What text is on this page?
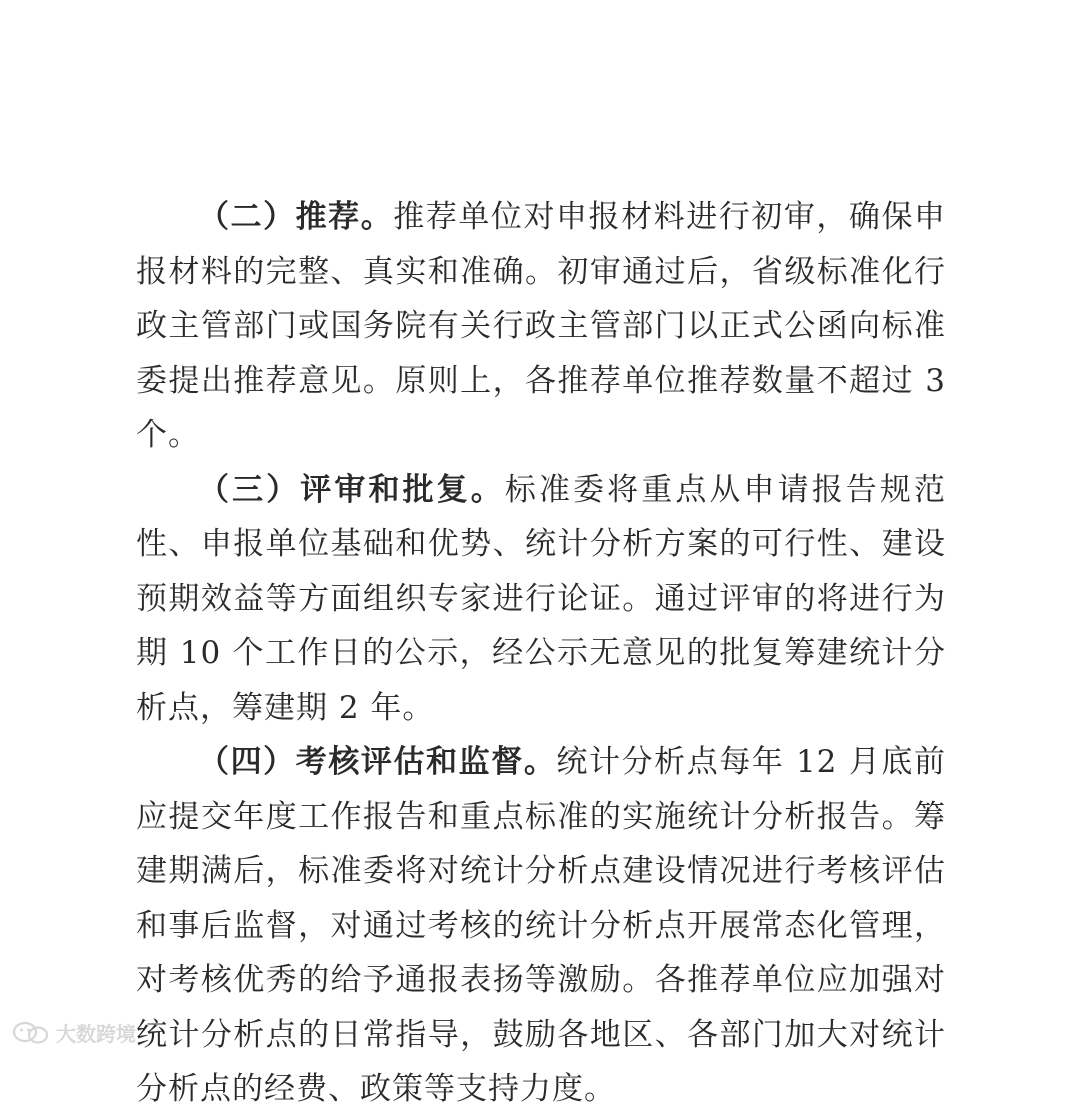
（二）推荐。推荐单位对申报材料进行初审，确保申报材料的完整、真实和准确。初审通过后，省级标准化行政主管部门或国务院有关行政主管部门以正式公函向标准委提出推荐意见。原则上，各推荐单位推荐数量不超过 3 个。

（三）评审和批复。标准委将重点从申请报告规范性、申报单位基础和优势、统计分析方案的可行性、建设预期效益等方面组织专家进行论证。通过评审的将进行为期 10 个工作日的公示，经公示无意见的批复筹建统计分析点，筹建期 2 年。

（四）考核评估和监督。统计分析点每年 12 月底前应提交年度工作报告和重点标准的实施统计分析报告。筹建期满后，标准委将对统计分析点建设情况进行考核评估和事后监督，对通过考核的统计分析点开展常态化管理，对考核优秀的给予通报表扬等激励。各推荐单位应加强对统计分析点的日常指导，鼓励各地区、各部门加大对统计分析点的经费、政策等支持力度。

大数跨境
